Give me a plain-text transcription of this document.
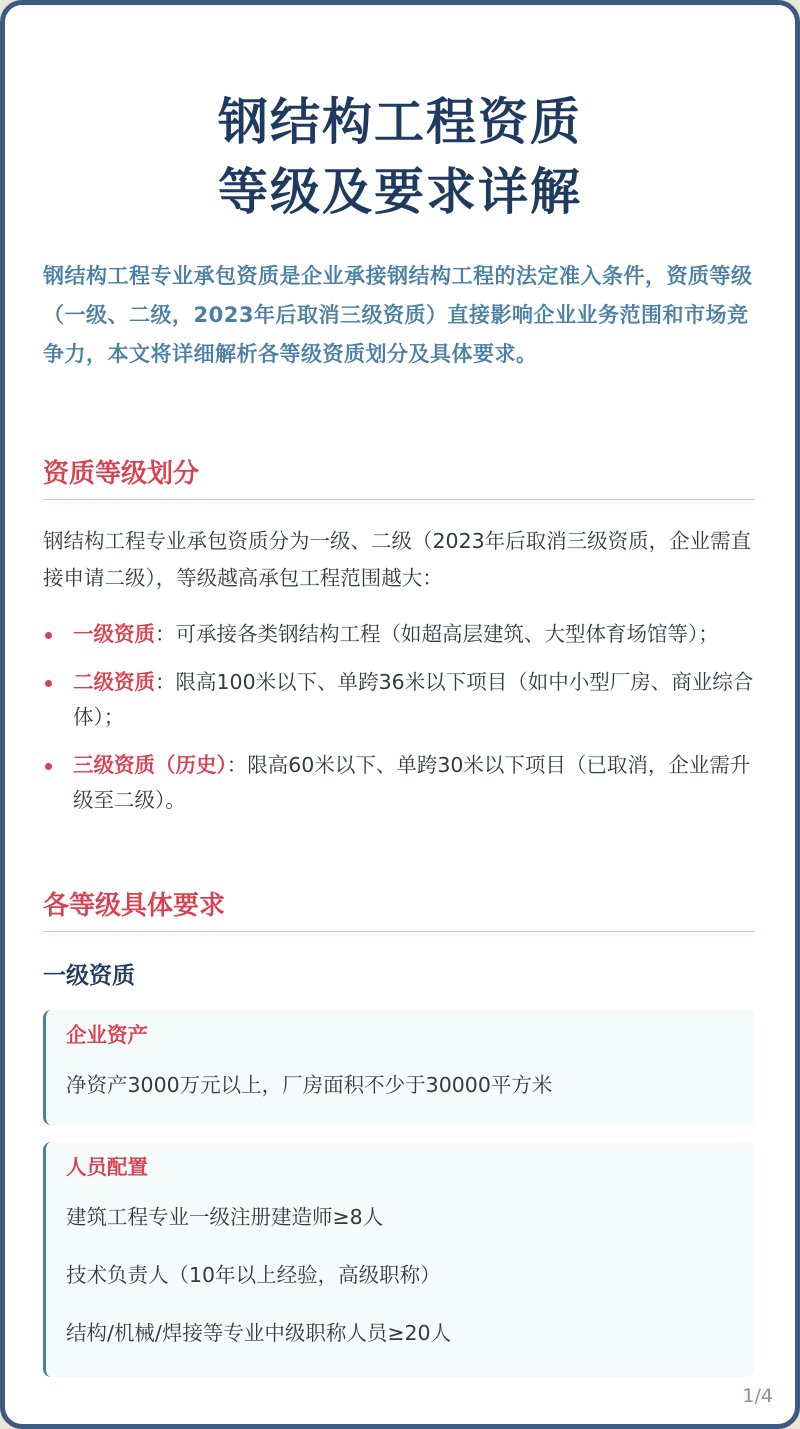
钢结构工程资质
等级及要求详解
钢结构工程专业承包资质是企业承接钢结构工程的法定准入条件，资质等级（一级、二级，2023年后取消三级资质）直接影响企业业务范围和市场竞争力，本文将详细解析各等级资质划分及具体要求。
资质等级划分
钢结构工程专业承包资质分为一级、二级（2023年后取消三级资质，企业需直接申请二级），等级越高承包工程范围越大：
一级资质：可承接各类钢结构工程（如超高层建筑、大型体育场馆等）；
二级资质：限高100米以下、单跨36米以下项目（如中小型厂房、商业综合体）；
三级资质（历史）：限高60米以下、单跨30米以下项目（已取消，企业需升级至二级）。
各等级具体要求
一级资质
企业资产
净资产3000万元以上，厂房面积不少于30000平方米
人员配置
建筑工程专业一级注册建造师≥8人
技术负责人（10年以上经验，高级职称）
结构/机械/焊接等专业中级职称人员≥20人
1/4
